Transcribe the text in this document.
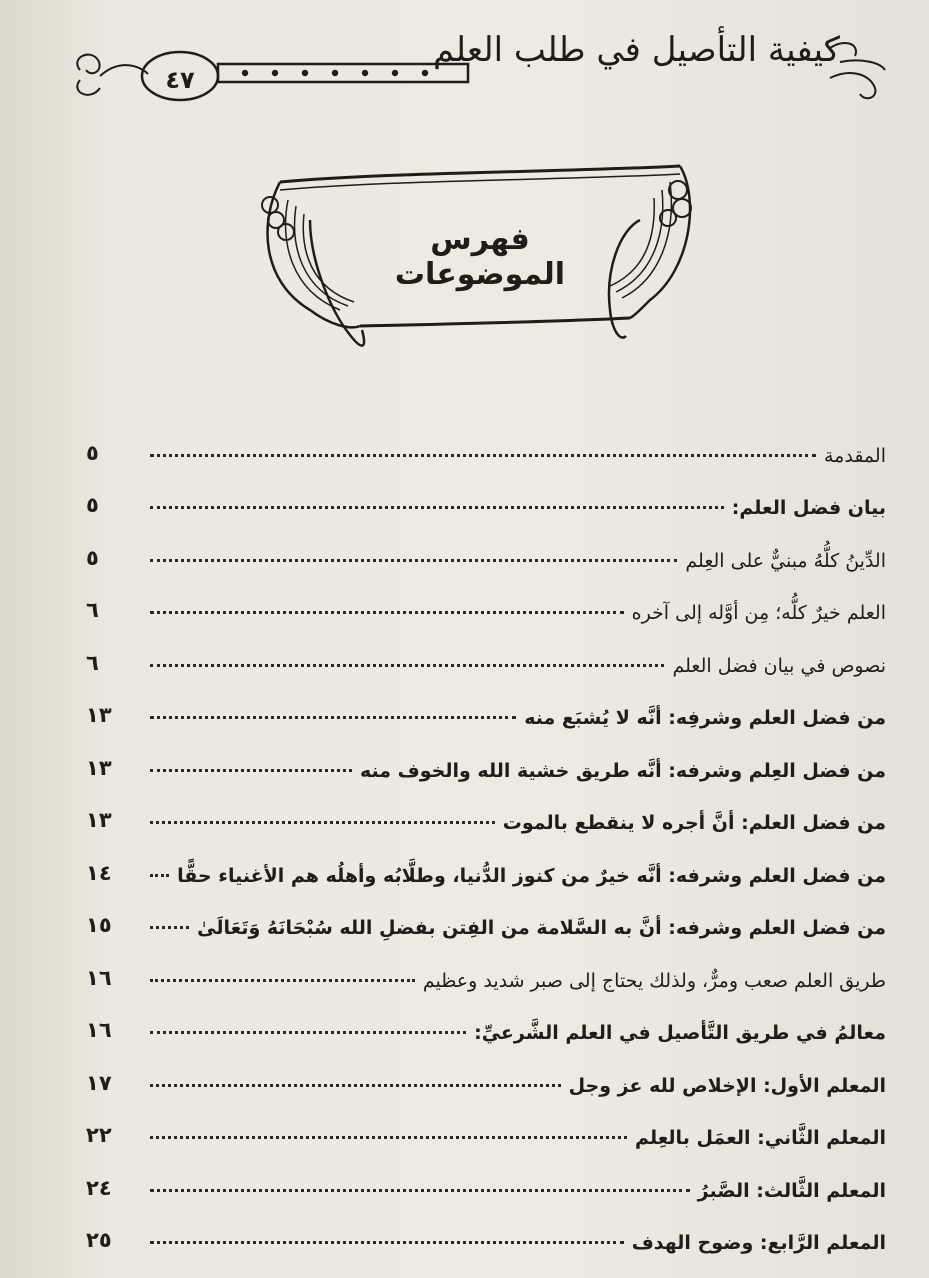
كيفية التأصيل في طلب العلم
٤٧
فهرس الموضوعات
٥	المقدمة
٥	بيان فضل العلم:
٥	الدِّينُ كلُّهُ مبنيٌّ على العِلم
٦	العلم خيرٌ كلُّه؛ مِن أوَّله إلى آخره
٦	نصوص في بيان فضل العلم
١٣	من فضل العلم وشرفِه: أنَّه لا يُشبَع منه
١٣	من فضل العِلم وشرفه: أنَّه طريق خشية الله والخوف منه
١٣	من فضل العلم: أنَّ أجره لا ينقطع بالموت
١٤	من فضل العلم وشرفه: أنَّه خيرٌ من كنوز الدُّنيا، وطلَّابُه وأهلُه هم الأغنياء حقًّا
١٥	من فضل العلم وشرفه: أنَّ به السَّلامة من الفِتن بفضلِ الله سُبْحَانَهُ وَتَعَالَىٰ
١٦	طريق العلم صعب ومرٌّ، ولذلك يحتاج إلى صبر شديد وعظيم
١٦	معالمُ في طريق التَّأصيل في العلم الشَّرعيِّ:
١٧	المعلم الأول: الإخلاص لله عز وجل
٢٢	المعلم الثَّاني: العمَل بالعِلم
٢٤	المعلم الثَّالث: الصَّبرُ
٢٥	المعلم الرَّابع: وضوح الهدف
